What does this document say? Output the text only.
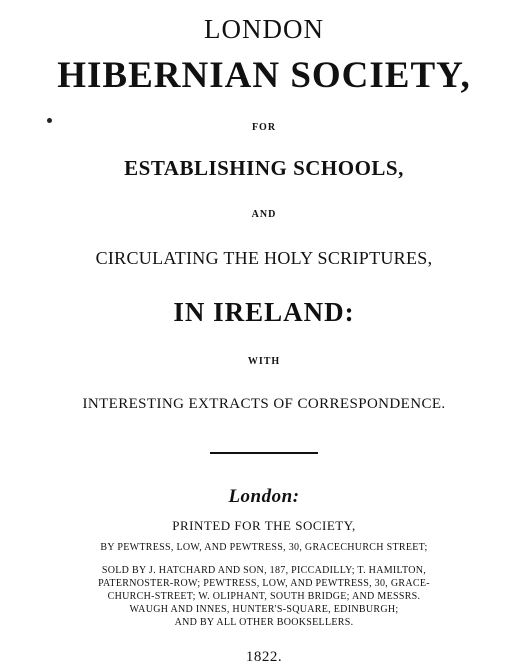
LONDON
HIBERNIAN SOCIETY,
FOR
ESTABLISHING SCHOOLS,
AND
CIRCULATING THE HOLY SCRIPTURES,
IN IRELAND:
WITH
INTERESTING EXTRACTS OF CORRESPONDENCE.
London:
PRINTED FOR THE SOCIETY,
BY PEWTRESS, LOW, AND PEWTRESS, 30, GRACECHURCH STREET;
SOLD BY J. HATCHARD AND SON, 187, PICCADILLY; T. HAMILTON,
PATERNOSTER-ROW; PEWTRESS, LOW, AND PEWTRESS, 30, GRACE-
CHURCH-STREET; W. OLIPHANT, SOUTH BRIDGE; AND MESSRS.
WAUGH AND INNES, HUNTER'S-SQUARE, EDINBURGH;
AND BY ALL OTHER BOOKSELLERS.
1822.
